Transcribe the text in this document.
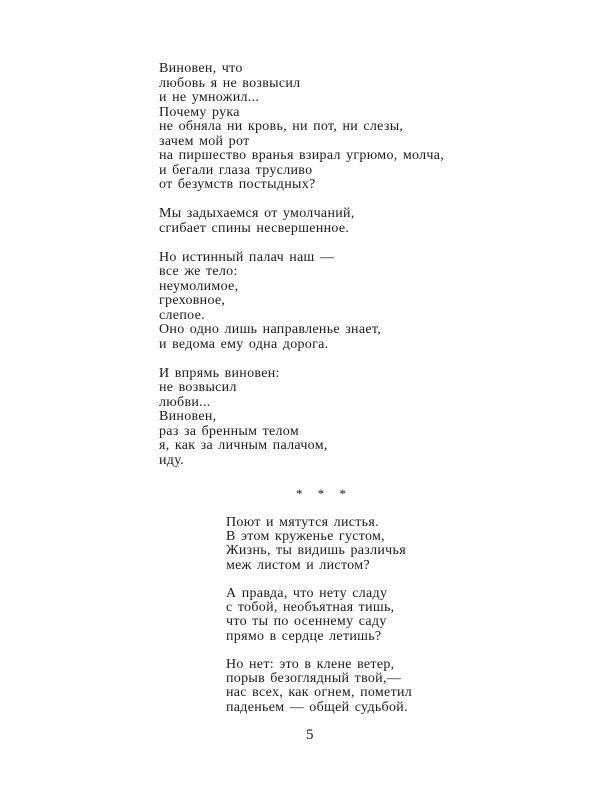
Виновен, что
любовь я не возвысил
и не умножил...
Почему рука
не обняла ни кровь, ни пот, ни слезы,
зачем мой рот
на пиршество вранья взирал угрюмо, молча,
и бегали глаза трусливо
от безумств постыдных?
Мы задыхаемся от умолчаний,
сгибает спины несвершенное.
Но истинный палач наш —
все же тело:
неумолимое,
греховное,
слепое.
Оно одно лишь направленье знает,
и ведома ему одна дорога.
И впрямь виновен:
не возвысил
любви...
Виновен,
раз за бренным телом
я, как за личным палачом,
иду.
* * *
Поют и мятутся листья.
В этом круженье густом,
Жизнь, ты видишь различья
меж листом и листом?
А правда, что нету сладу
с тобой, необъятная тишь,
что ты по осеннему саду
прямо в сердце летишь?
Но нет: это в клене ветер,
порыв безоглядный твой,—
нас всех, как огнем, пометил
паденьем — общей судьбой.
5
